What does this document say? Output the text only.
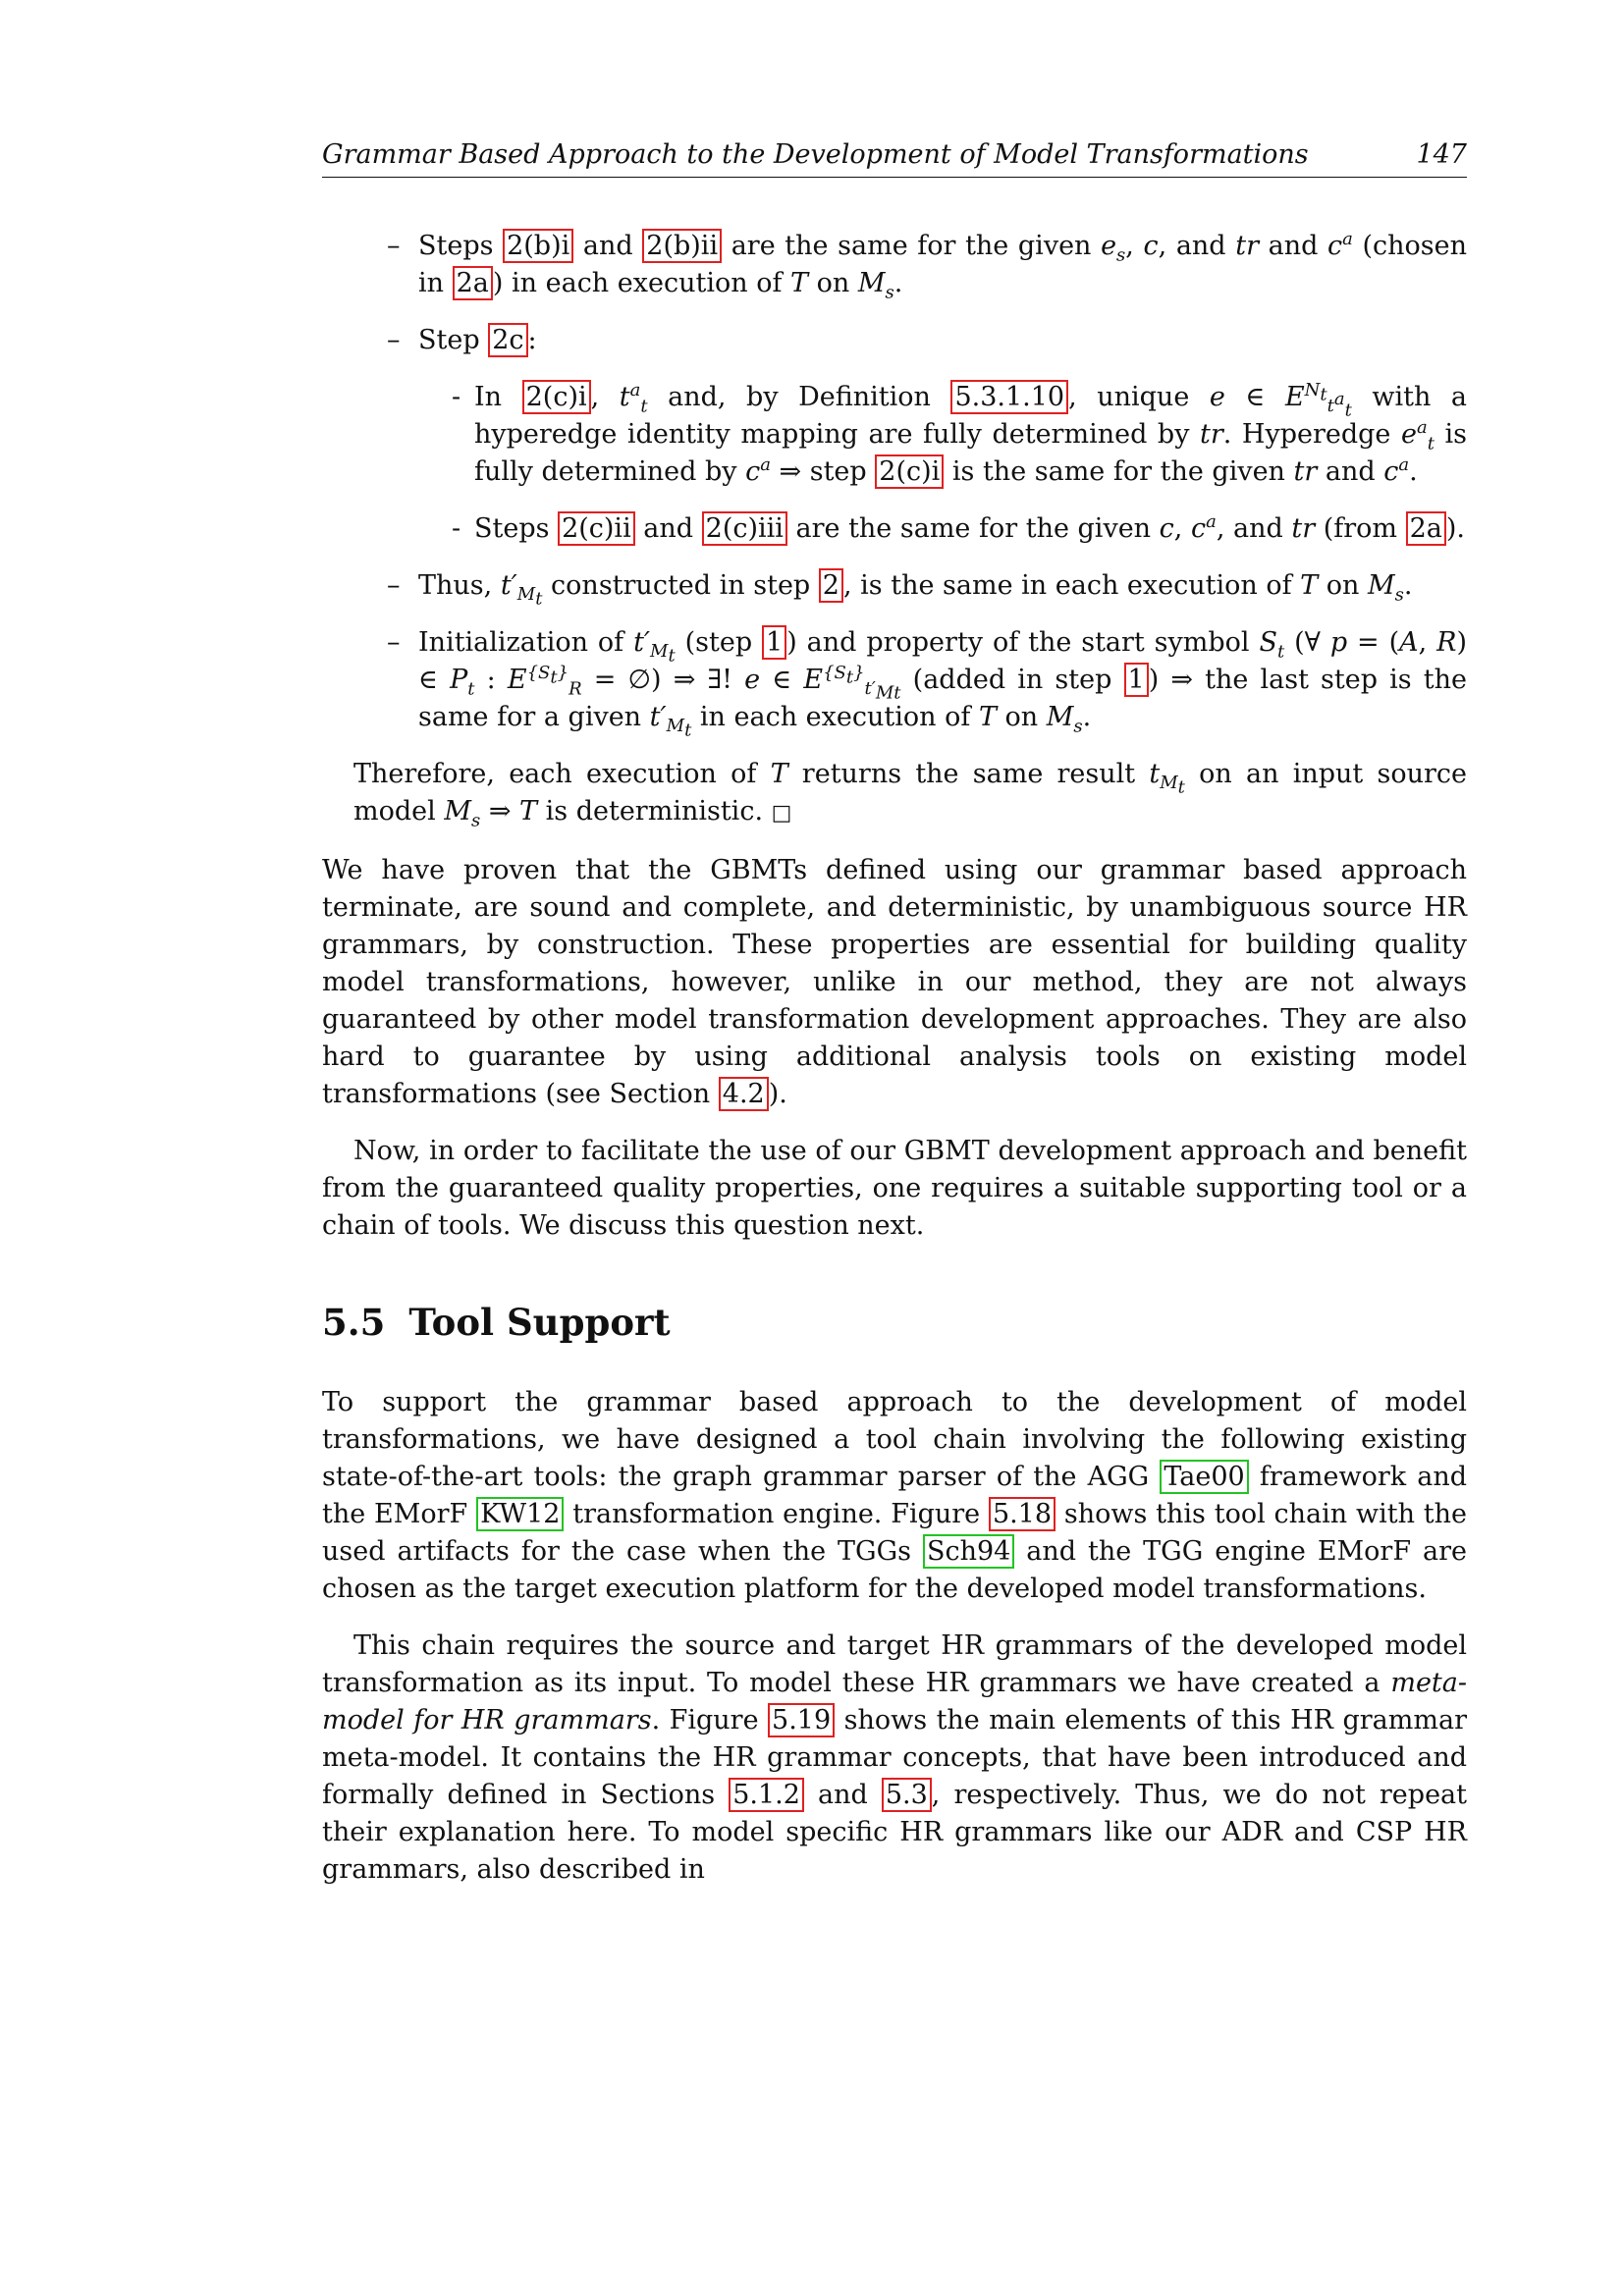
Grammar Based Approach to the Development of Model Transformations	147
– Steps 2(b)i and 2(b)ii are the same for the given $e_s$, c, and tr and $c^a$ (chosen in 2a ) in each execution of T on $M_s$.
– Step 2c :
- In 2(c)i , $t^a_t$ and, by Definition 5.3.1.10 , unique e ∈ $E^{N_t}_{t^a_t}$ with a hyperedge identity mapping are fully determined by tr. Hyperedge $e^a_t$ is fully determined by $c^a$ ⇒ step 2(c)i is the same for the given tr and $c^a$.
- Steps 2(c)ii and 2(c)iii are the same for the given c, $c^a$, and tr (from 2a ).
– Thus, $t'_{M_t}$ constructed in step 2 , is the same in each execution of T on $M_s$.
– Initialization of $t'_{M_t}$ (step 1 ) and property of the start symbol $S_t$ (∀ p = (A, R) ∈ $P_t$ : $E^{\{S_t\}}_R$ = ∅) ⇒ ∃! e ∈ $E^{\{S_t\}}_{t'_{Mt}}$ (added in step 1 ) ⇒ the last step is the same for a given $t'_{M_t}$ in each execution of T on $M_s$.

Therefore, each execution of T returns the same result $t_{M_t}$ on an input source model $M_s$ ⇒ T is deterministic. □

We have proven that the GBMTs defined using our grammar based approach terminate, are sound and complete, and deterministic, by unambiguous source HR grammars, by construction. These properties are essential for building quality model transformations, however, unlike in our method, they are not always guaranteed by other model transformation development approaches. They are also hard to guarantee by using additional analysis tools on existing model transformations (see Section 4.2 ).

Now, in order to facilitate the use of our GBMT development approach and benefit from the guaranteed quality properties, one requires a suitable supporting tool or a chain of tools. We discuss this question next.

5.5 Tool Support

To support the grammar based approach to the development of model transformations, we have designed a tool chain involving the following existing state-of-the-art tools: the graph grammar parser of the AGG Tae00 framework and the EMorF KW12 transformation engine. Figure 5.18 shows this tool chain with the used artifacts for the case when the TGGs Sch94 and the TGG engine EMorF are chosen as the target execution platform for the developed model transformations.

This chain requires the source and target HR grammars of the developed model transformation as its input. To model these HR grammars we have created a meta-model for HR grammars. Figure 5.19 shows the main elements of this HR grammar meta-model. It contains the HR grammar concepts, that have been introduced and formally defined in Sections 5.1.2 and 5.3 , respectively. Thus, we do not repeat their explanation here. To model specific HR grammars like our ADR and CSP HR grammars, also described in
